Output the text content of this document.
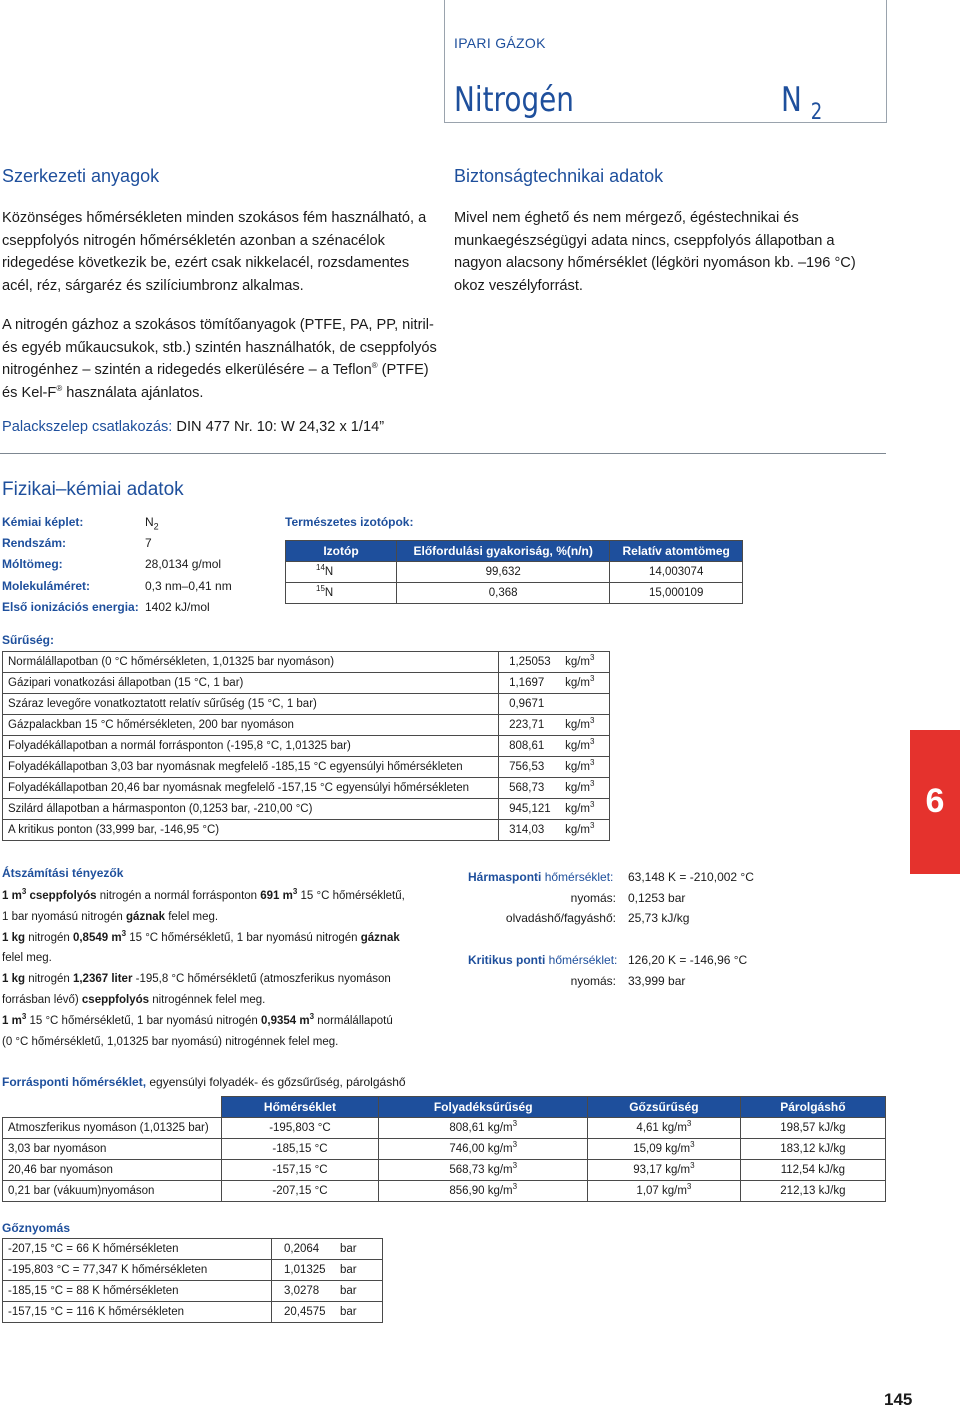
IPARI GÁZOK
Nitrogén	N $_2$
Szerkezeti anyagok
Közönséges hőmérsékleten minden szokásos fém használható, a cseppfolyós nitrogén hőmérsékletén azonban a szénacélok ridegedése következik be, ezért csak nikkelacél, rozsdamentes acél, réz, sárgaréz és szilíciumbronz alkalmas.
A nitrogén gázhoz a szokásos tömítőanyagok (PTFE, PA, PP, nitril- és egyéb műkaucsukok, stb.) szintén használhatók, de cseppfolyós nitrogénhez – szintén a ridegedés elkerülésére – a Teflon® (PTFE) és Kel-F® használata ajánlatos.
Palackszelep csatlakozás: DIN 477 Nr. 10: W 24,32 x 1/14”
Biztonságtechnikai adatok
Mivel nem éghető és nem mérgező, égéstechnikai és munkaegészségügyi adata nincs, cseppfolyós állapotban a nagyon alacsony hőmérséklet (légköri nyomáson kb. –196 °C) okoz veszélyforrást.
Fizikai–kémiai adatok
Kémiai képlet:	$N_2$
Rendszám:	7
Móltömeg:	28,0134 g/mol
Molekuláméret:	0,3 nm–0,41 nm
Első ionizációs energia: 1402 kJ/mol
Természetes izotópok:
Izotóp	Előfordulási gyakoriság, %(n/n)	Relatív atomtömeg
$^{14}$N	99,632	14,003074
$^{15}$N	0,368	15,000109
Sűrűség:
Normálállapotban (0 °C hőmérsékleten, 1,01325 bar nyomáson)	1,25053 $kg/m^3$
Gázipari vonatkozási állapotban (15 °C, 1 bar)	1,1697 $kg/m^3$
Száraz levegőre vonatkoztatott relatív sűrűség (15 °C, 1 bar)	0,9671
Gázpalackban 15 °C hőmérsékleten, 200 bar nyomáson	223,71 $kg/m^3$
Folyadékállapotban a normál forrásponton (-195,8 °C, 1,01325 bar)	808,61 $kg/m^3$
Folyadékállapotban 3,03 bar nyomásnak megfelelő -185,15 °C egyensúlyi hőmérsékleten	756,53 $kg/m^3$
Folyadékállapotban 20,46 bar nyomásnak megfelelő -157,15 °C egyensúlyi hőmérsékleten	568,73 $kg/m^3$
Szilárd állapotban a hármasponton (0,1253 bar, -210,00 °C)	945,121 $kg/m^3$
A kritikus ponton (33,999 bar, -146,95 °C)	314,03 $kg/m^3$
6
Átszámítási tényezők
1 $m^3$ cseppfolyós nitrogén a normál forrásponton 691 $m^3$ 15 °C hőmérsékletű,
1 bar nyomású nitrogén gáznak felel meg.
1 kg nitrogén 0,8549 $m^3$ 15 °C hőmérsékletű, 1 bar nyomású nitrogén gáznak
felel meg.
1 kg nitrogén 1,2367 liter -195,8 °C hőmérsékletű (atmoszferikus nyomáson
forrásban lévő) cseppfolyós nitrogénnek felel meg.
1 $m^3$ 15 °C hőmérsékletű, 1 bar nyomású nitrogén 0,9354 $m^3$ normálállapotú
(0 °C hőmérsékletű, 1,01325 bar nyomású) nitrogénnek felel meg.
Hármasponti hőmérséklet: 63,148 K = -210,002 °C
nyomás: 0,1253 bar
olvadáshő/fagyáshő: 25,73 kJ/kg
Kritikus ponti hőmérséklet: 126,20 K = -146,96 °C
nyomás: 33,999 bar
Forrásponti hőmérséklet, egyensúlyi folyadék- és gőzsűrűség, párolgáshő
	Hőmérséklet	Folyadéksűrűség	Gőzsűrűség	Párolgáshő
Atmoszferikus nyomáson (1,01325 bar)	-195,803 °C	808,61 $kg/m^3$	4,61 $kg/m^3$	198,57 kJ/kg
3,03 bar nyomáson	-185,15 °C	746,00 $kg/m^3$	15,09 $kg/m^3$	183,12 kJ/kg
20,46 bar nyomáson	-157,15 °C	568,73 $kg/m^3$	93,17 $kg/m^3$	112,54 kJ/kg
0,21 bar (vákuum)nyomáson	-207,15 °C	856,90 $kg/m^3$	1,07 $kg/m^3$	212,13 kJ/kg
Gőznyomás
-207,15 °C = 66 K hőmérsékleten	0,2064 bar
-195,803 °C = 77,347 K hőmérsékleten	1,01325 bar
-185,15 °C = 88 K hőmérsékleten	3,0278 bar
-157,15 °C = 116 K hőmérsékleten	20,4575 bar
145
